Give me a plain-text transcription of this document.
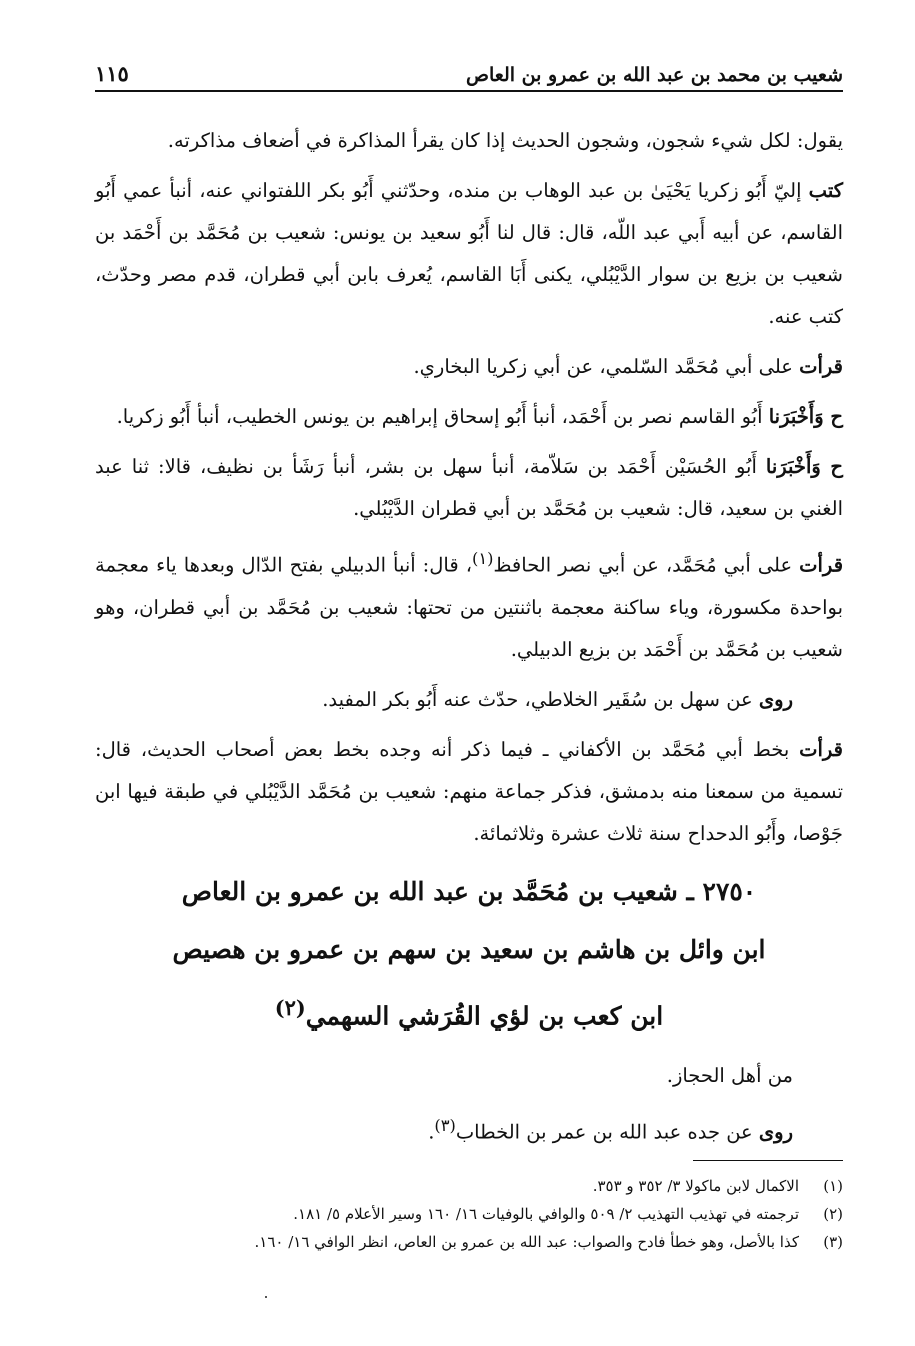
شعيب بن محمد بن عبد الله بن عمرو بن العاص
١١٥

يقول: لكل شيء شجون، وشجون الحديث إذا كان يقرأ المذاكرة في أضعاف مذاكرته.

كتب إليّ أَبُو زكريا يَحْيَىٰ بن عبد الوهاب بن منده، وحدّثني أَبُو بكر اللفتواني عنه، أنبأ عمي أَبُو القاسم، عن أبيه أَبي عبد اللّه، قال: قال لنا أَبُو سعيد بن يونس: شعيب بن مُحَمَّد بن أَحْمَد بن شعيب بن بزيع بن سوار الدَّيْبُلي، يكنى أَبَا القاسم، يُعرف بابن أبي قطران، قدم مصر وحدّث، كتب عنه.

قرأت على أبي مُحَمَّد السّلمي، عن أبي زكريا البخاري.

ح وَأَخْبَرَنا أَبُو القاسم نصر بن أَحْمَد، أنبأ أَبُو إسحاق إبراهيم بن يونس الخطيب، أنبأ أَبُو زكريا.

ح وَأَخْبَرَنا أَبُو الحُسَيْن أَحْمَد بن سَلاّمة، أنبأ سهل بن بشر، أنبأ رَشَأ بن نظيف، قالا: ثنا عبد الغني بن سعيد، قال: شعيب بن مُحَمَّد بن أبي قطران الدَّيْبُلي.

قرأت على أبي مُحَمَّد، عن أبي نصر الحافظ$^{(١)}$، قال: أنبأ الدبيلي بفتح الدّال وبعدها ياء معجمة بواحدة مكسورة، وياء ساكنة معجمة باثنتين من تحتها: شعيب بن مُحَمَّد بن أبي قطران، وهو شعيب بن مُحَمَّد بن أَحْمَد بن بزيع الدبيلي.

روى عن سهل بن سُقَير الخلاطي، حدّث عنه أَبُو بكر المفيد.

قرأت بخط أبي مُحَمَّد بن الأكفاني ـ فيما ذكر أنه وجده بخط بعض أصحاب الحديث، قال: تسمية من سمعنا منه بدمشق، فذكر جماعة منهم: شعيب بن مُحَمَّد الدَّيْبُلي في طبقة فيها ابن جَوْصا، وأَبُو الدحداح سنة ثلاث عشرة وثلاثمائة.

٢٧٥٠ ـ شعيب بن مُحَمَّد بن عبد الله بن عمرو بن العاص
ابن وائل بن هاشم بن سعيد بن سهم بن عمرو بن هصيص
ابن كعب بن لؤي القُرَشي السهمي$^{(٢)}$

من أهل الحجاز.

روى عن جده عبد الله بن عمر بن الخطاب$^{(٣)}$.

(١)
الاكمال لابن ماكولا ٣/ ٣٥٢ و ٣٥٣.
(٢)
ترجمته في تهذيب التهذيب ٢/ ٥٠٩ والوافي بالوفيات ١٦/ ١٦٠ وسير الأعلام ٥/ ١٨١.
(٣)
كذا بالأصل، وهو خطأ فادح والصواب: عبد الله بن عمرو بن العاص، انظر الوافي ١٦/ ١٦٠.
